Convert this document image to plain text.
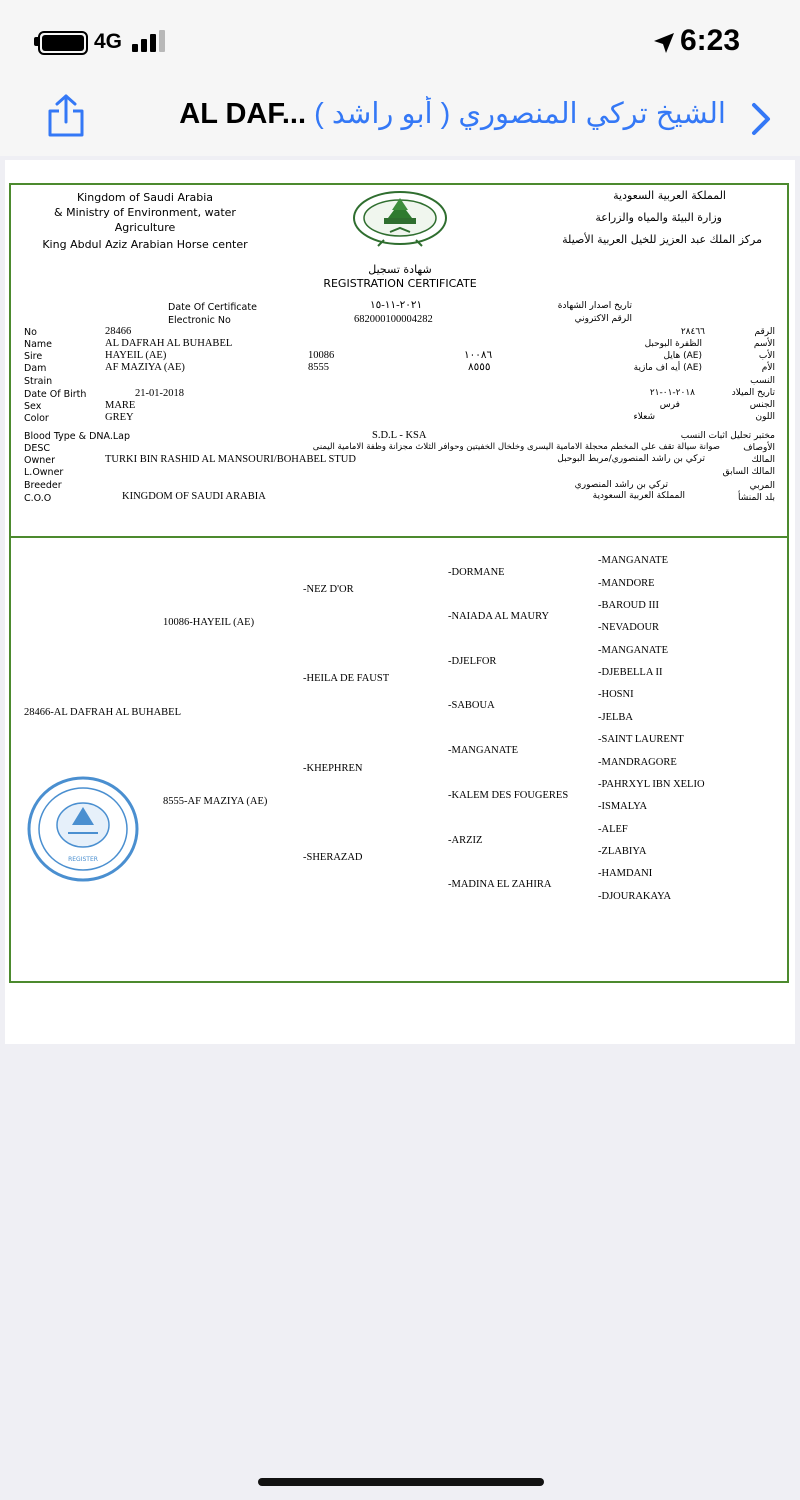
4G	6:23
AL DAF... الشيخ تركي المنصوري ( أبو راشد )
Kingdom of Saudi Arabia
& Ministry of Environment, water
Agriculture
King Abdul Aziz Arabian Horse center
المملكة العربية السعودية
وزارة البيئة والمياه والزراعة
مركز الملك عبد العزيز للخيل العربية الأصيلة
شهادة تسجيل
REGISTRATION CERTIFICATE
Date Of Certificate	٢٠٢١-١١-١٥	تاريخ اصدار الشهادة
Electronic No	682000100004282	الرقم الاكتروني
No	28466	٢٨٤٦٦	الرقم
Name	AL DAFRAH AL BUHABEL	الظفرة البوحبل	الأسم
Sire	HAYEIL (AE)	10086	١٠٠٨٦	(AE) هايل	الأب
Dam	AF MAZIYA (AE)	8555	٨٥٥٥	(AE) أيه اف مازية	الأم
Strain	النسب
Date Of Birth	21-01-2018	٢٠١٨-٠١-٢١	تاريخ الميلاد
Sex	MARE	فرس	الجنس
Color	GREY	شعلاء	اللون
Blood Type & DNA.Lap	S.D.L - KSA	مختبر تحليل اثبات النسب
DESC	صوانة سيالة تقف على المخطم محجلة الامامية اليسرى وخلخال الخفيتين وحوافر الثلاث مجزانة وظفة الامامية اليمنى	الأوصاف
Owner	TURKI BIN RASHID AL MANSOURI/BOHABEL STUD	تركي بن راشد المنصوري/مربط البوحبل	المالك
L.Owner	المالك السابق
Breeder	تركي بن راشد المنصوري	المربي
C.O.O	KINGDOM OF SAUDI ARABIA	المملكة العربية السعودية	بلد المنشأ
28466-AL DAFRAH AL BUHABEL
10086-HAYEIL (AE)
8555-AF MAZIYA (AE)
-NEZ D'OR
-HEILA DE FAUST
-KHEPHREN
-SHERAZAD
-DORMANE
-NAIADA AL MAURY
-DJELFOR
-SABOUA
-MANGANATE
-KALEM DES FOUGERES
-ARZIZ
-MADINA EL ZAHIRA
-MANGANATE
-MANDORE
-BAROUD III
-NEVADOUR
-MANGANATE
-DJEBELLA II
-HOSNI
-JELBA
-SAINT LAURENT
-MANDRAGORE
-PAHRXYL IBN XELIO
-ISMALYA
-ALEF
-ZLABIYA
-HAMDANI
-DJOURAKAYA
REGISTER
